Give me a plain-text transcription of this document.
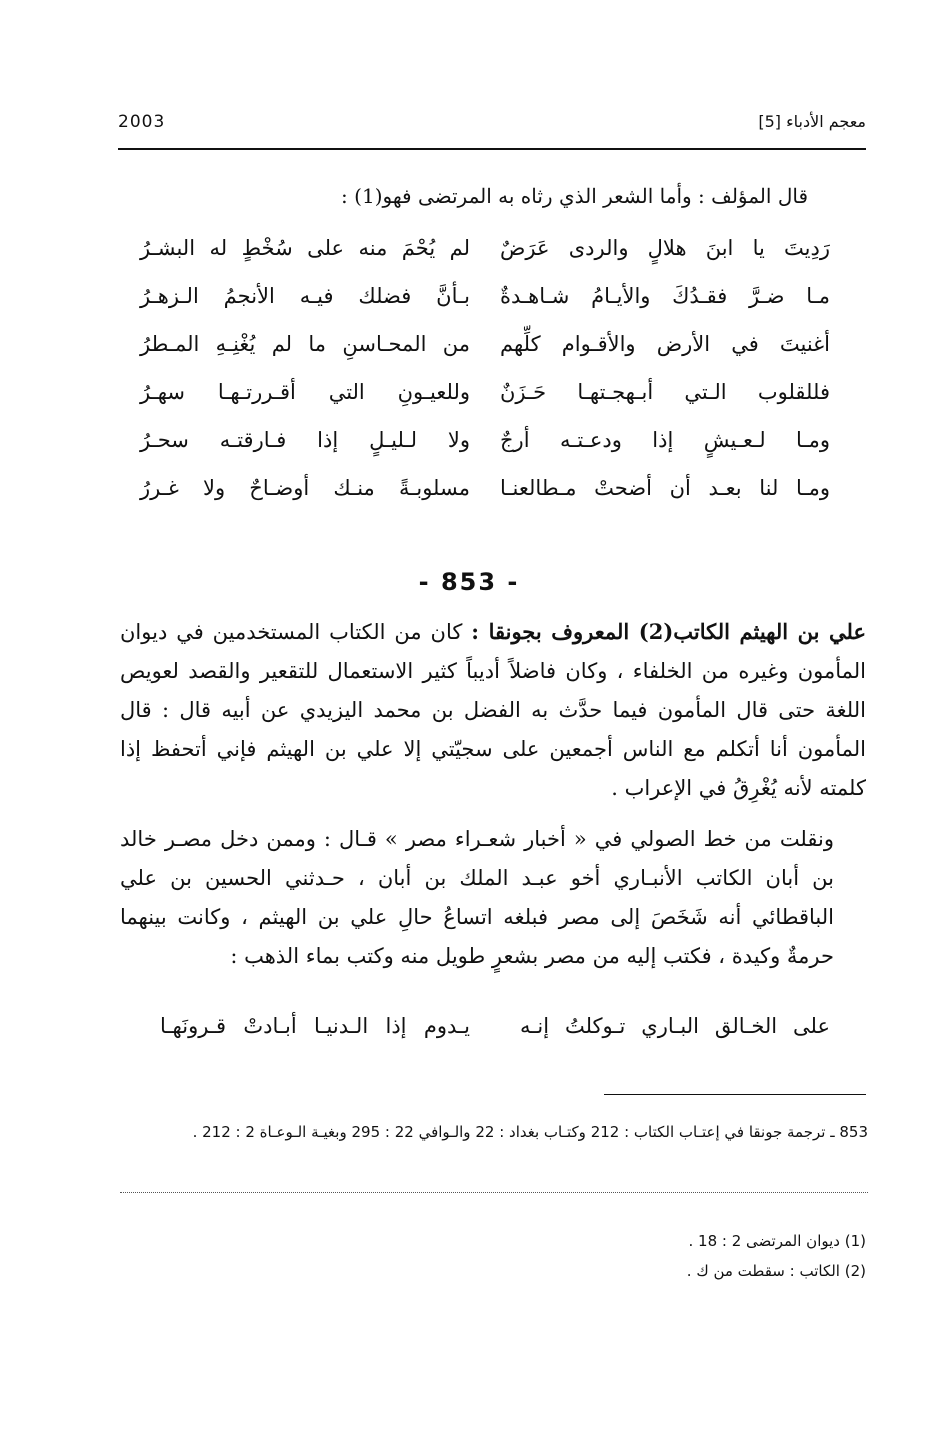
2003	معجم الأدباء [5]
قال المؤلف : وأما الشعر الذي رثاه به المرتضى فهو(1) :
رَدِيتَ يا ابنَ هلالٍ والردى عَرَضٌ
لم يُحْمَ منه على سُخْطٍ له البشـرُ
مـا ضـرَّ فقـدُكَ والأيـامُ شـاهـدةٌ
بـأنَّ فضلك فيـه الأنجمُ الـزهـرُ
أغنيتَ في الأرض والأقـوام كلِّهم
من المحـاسنِ ما لم يُغْنِـهِ المـطرُ
فللقلوب الـتي أبـهجـتهـا حَـزَنٌ
وللعيـونِ التي أقـررتـهـا سهـرُ
ومـا لـعـيشٍ إذا ودعـتـه أرجٌ
ولا لـليـلٍ إذا فـارقتـه سحـرُ
ومـا لنا بعـد أن أضحتْ مـطالعنـا
مسلوبـةً منـك أوضـاحٌ ولا غـررُ
- 853 -

علي بن الهيثم الكاتب(2) المعروف بجونقا : كان من الكتاب المستخدمين في ديوان المأمون وغيره من الخلفاء ، وكان فاضلاً أديباً كثير الاستعمال للتقعير والقصد لعويص اللغة حتى قال المأمون فيما حدَّث به الفضل بن محمد اليزيدي عن أبيه قال : قال المأمون أنا أتكلم مع الناس أجمعين على سجيّتي إلا علي بن الهيثم فإني أتحفظ إذا كلمته لأنه يُغْرِقُ في الإعراب .

ونقلت من خط الصولي في « أخبار شعـراء مصر » قـال : وممن دخل مصـر خالد بن أبان الكاتب الأنبـاري أخو عبـد الملك بن أبان ، حـدثني الحسين بن علي الباقطائي أنه شَخَصَ إلى مصر فبلغه اتساعُ حالِ علي بن الهيثم ، وكانت بينهما حرمةٌ وكيدة ، فكتب إليه من مصر بشعرٍ طويل منه وكتب بماء الذهب :

على الخـالق البـاري تـوكلتُ إنـه
يـدوم إذا الـدنيـا أبـادتْ قـرونَهـا
853 ـ ترجمة جونقا في إعتـاب الكتاب : 212 وكتـاب بغداد : 22 والـوافي 22 : 295 وبغيـة الـوعـاة 2 : 212 .
(1) ديوان المرتضى 2 : 18 .
(2) الكاتب : سقطت من ك .
